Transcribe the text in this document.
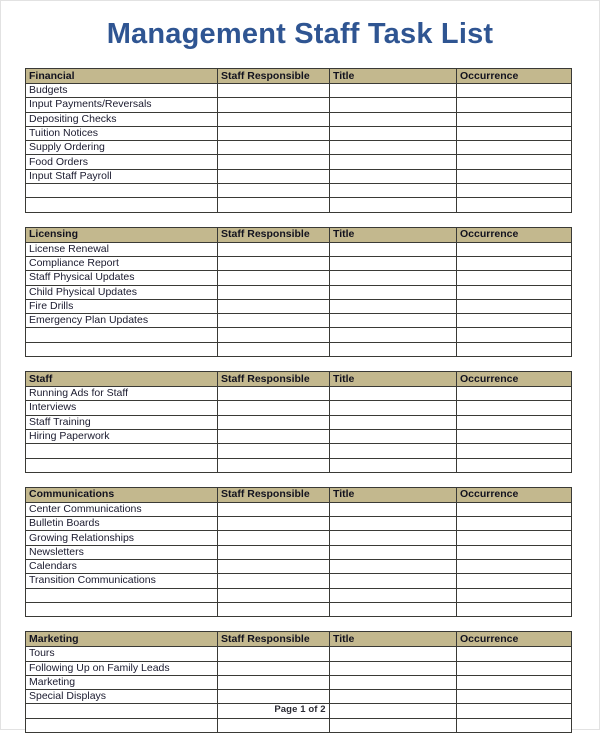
Management Staff Task List
Financial	Staff Responsible	Title	Occurrence
Budgets			
Input Payments/Reversals			
Depositing Checks			
Tuition Notices			
Supply Ordering			
Food Orders			
Input Staff Payroll			

Licensing	Staff Responsible	Title	Occurrence
License Renewal			
Compliance Report			
Staff Physical Updates			
Child Physical Updates			
Fire Drills			
Emergency Plan Updates			

Staff	Staff Responsible	Title	Occurrence
Running Ads for Staff			
Interviews			
Staff Training			
Hiring Paperwork			

Communications	Staff Responsible	Title	Occurrence
Center Communications			
Bulletin Boards			
Growing Relationships			
Newsletters			
Calendars			
Transition Communications			

Marketing	Staff Responsible	Title	Occurrence
Tours			
Following Up on Family Leads			
Marketing			
Special Displays			

Page 1 of 2
